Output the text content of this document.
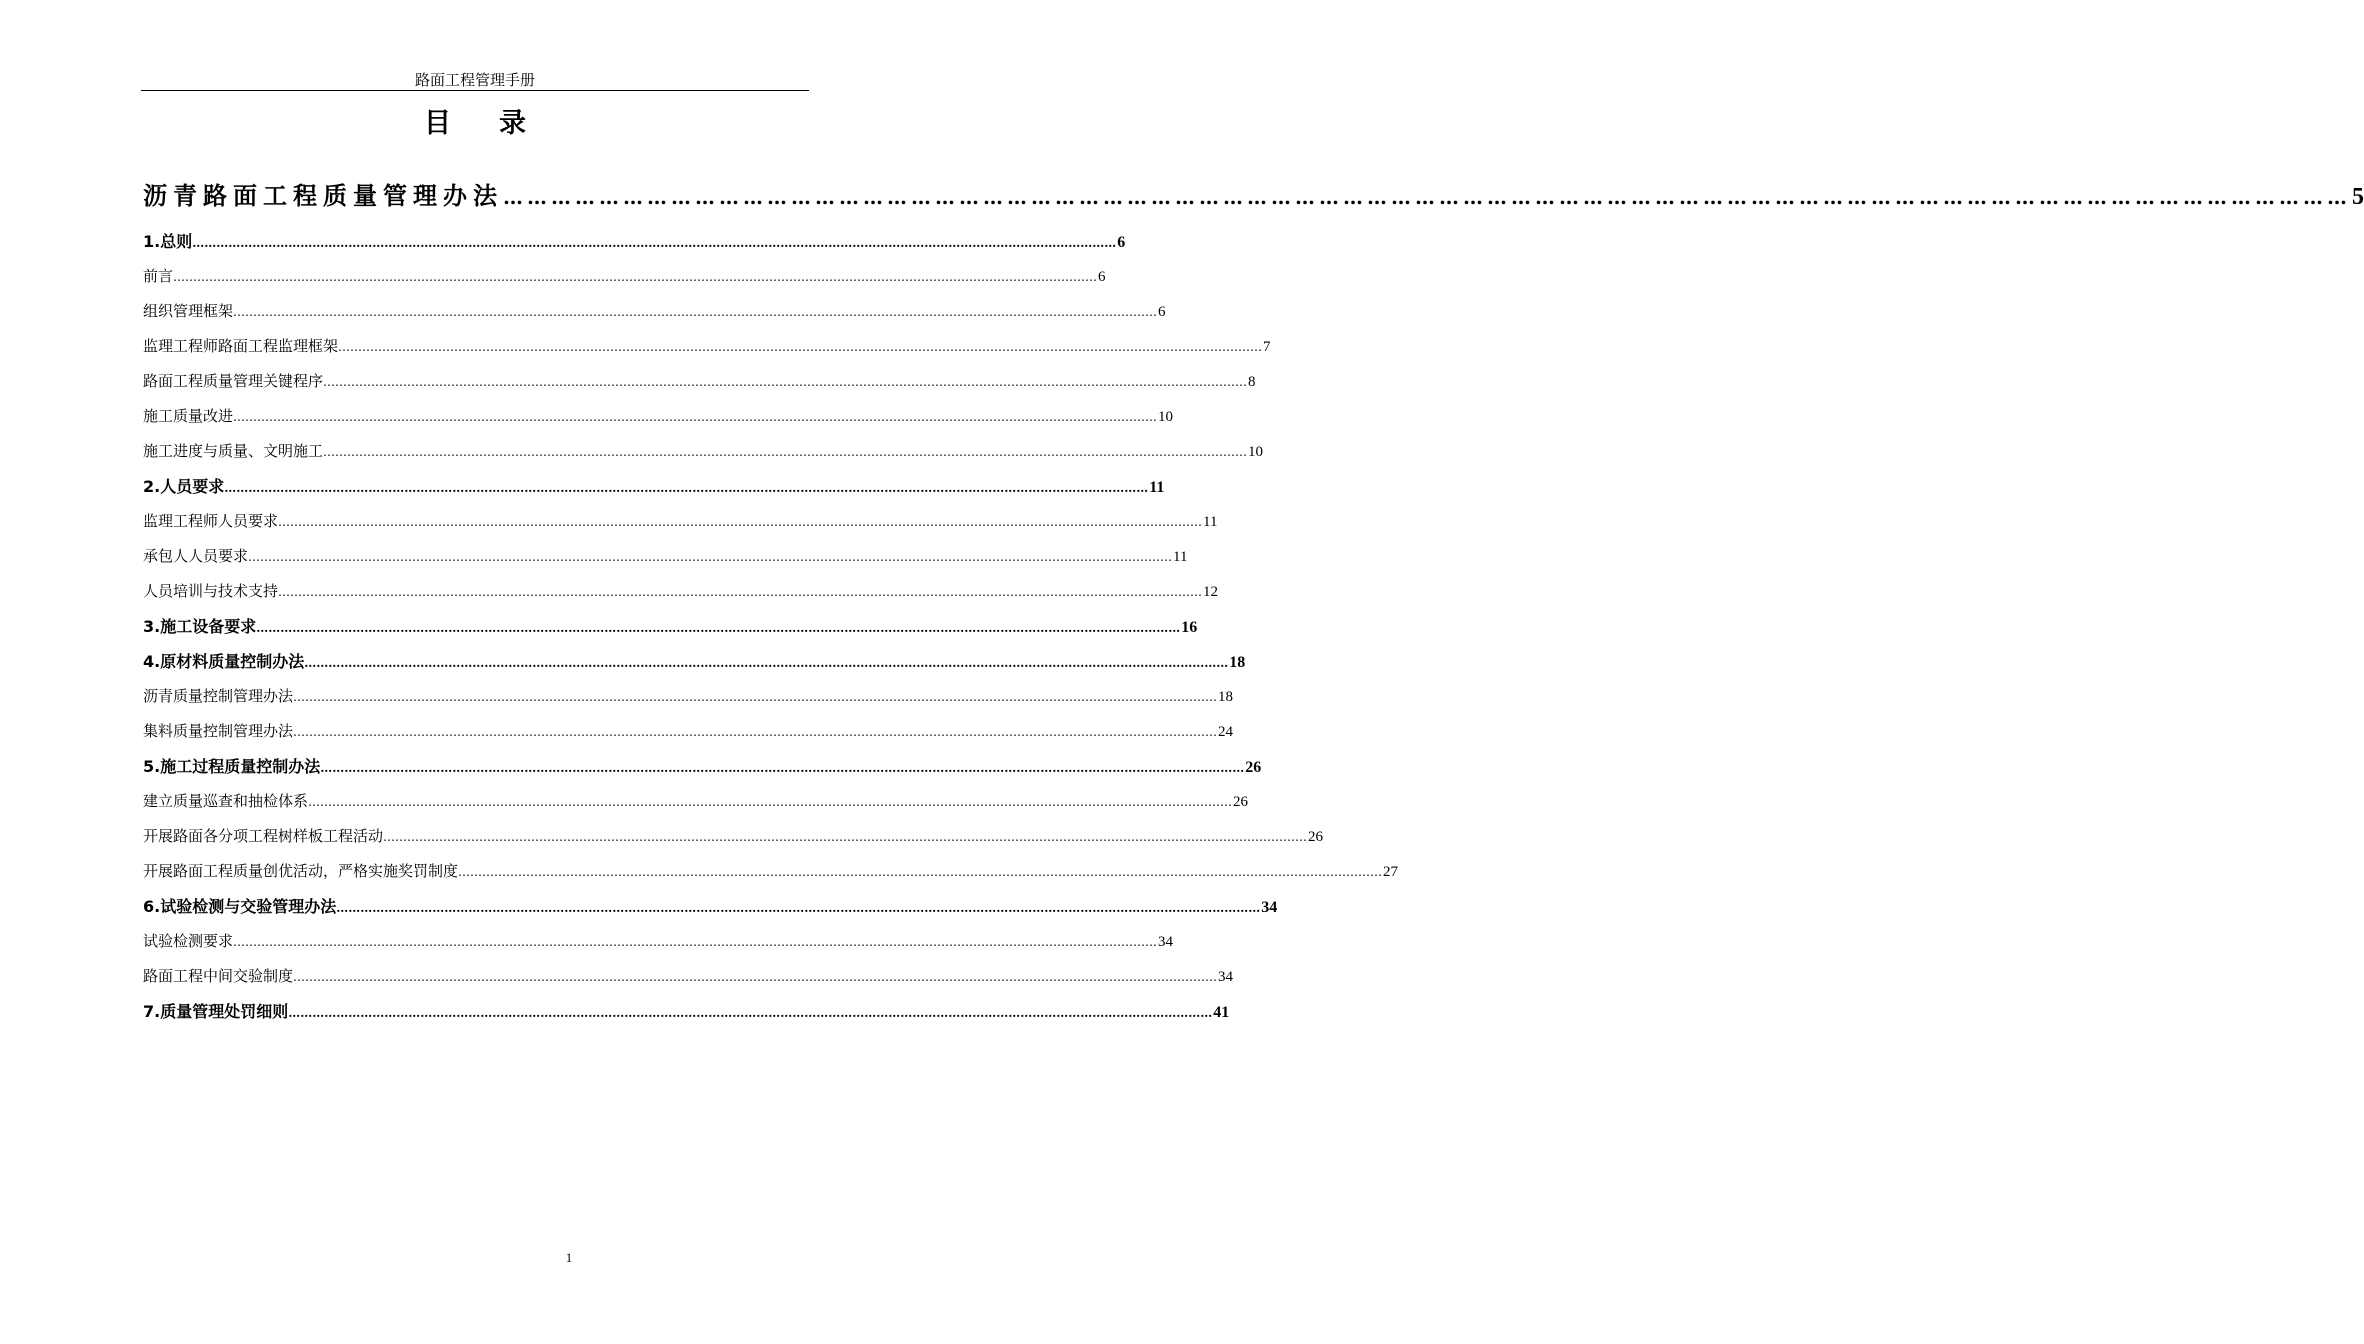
路面工程管理手册
目 录
沥青路面工程质量管理办法 …………………………………………………………………………………………………………………………………………………………………………………………………………… 5
1.总则 …………………………………………………………………………………………………………………………………………………………………………………………………………… 6
前言 …………………………………………………………………………………………………………………………………………………………………………………………………………… 6
组织管理框架 …………………………………………………………………………………………………………………………………………………………………………………………………………… 6
监理工程师路面工程监理框架 …………………………………………………………………………………………………………………………………………………………………………………………………………… 7
路面工程质量管理关键程序 …………………………………………………………………………………………………………………………………………………………………………………………………………… 8
施工质量改进 …………………………………………………………………………………………………………………………………………………………………………………………………………… 10
施工进度与质量、文明施工 …………………………………………………………………………………………………………………………………………………………………………………………………………… 10
2.人员要求 …………………………………………………………………………………………………………………………………………………………………………………………………………… 11
监理工程师人员要求 …………………………………………………………………………………………………………………………………………………………………………………………………………… 11
承包人人员要求 …………………………………………………………………………………………………………………………………………………………………………………………………………… 11
人员培训与技术支持 …………………………………………………………………………………………………………………………………………………………………………………………………………… 12
3.施工设备要求 …………………………………………………………………………………………………………………………………………………………………………………………………………… 16
4.原材料质量控制办法 …………………………………………………………………………………………………………………………………………………………………………………………………………… 18
沥青质量控制管理办法 …………………………………………………………………………………………………………………………………………………………………………………………………………… 18
集料质量控制管理办法 …………………………………………………………………………………………………………………………………………………………………………………………………………… 24
5.施工过程质量控制办法 …………………………………………………………………………………………………………………………………………………………………………………………………………… 26
建立质量巡查和抽检体系 …………………………………………………………………………………………………………………………………………………………………………………………………………… 26
开展路面各分项工程树样板工程活动 …………………………………………………………………………………………………………………………………………………………………………………………………………… 26
开展路面工程质量创优活动，严格实施奖罚制度 …………………………………………………………………………………………………………………………………………………………………………………………………………… 27
6.试验检测与交验管理办法 …………………………………………………………………………………………………………………………………………………………………………………………………………… 34
试验检测要求 …………………………………………………………………………………………………………………………………………………………………………………………………………… 34
路面工程中间交验制度 …………………………………………………………………………………………………………………………………………………………………………………………………………… 34
7.质量管理处罚细则 …………………………………………………………………………………………………………………………………………………………………………………………………………… 41
1
